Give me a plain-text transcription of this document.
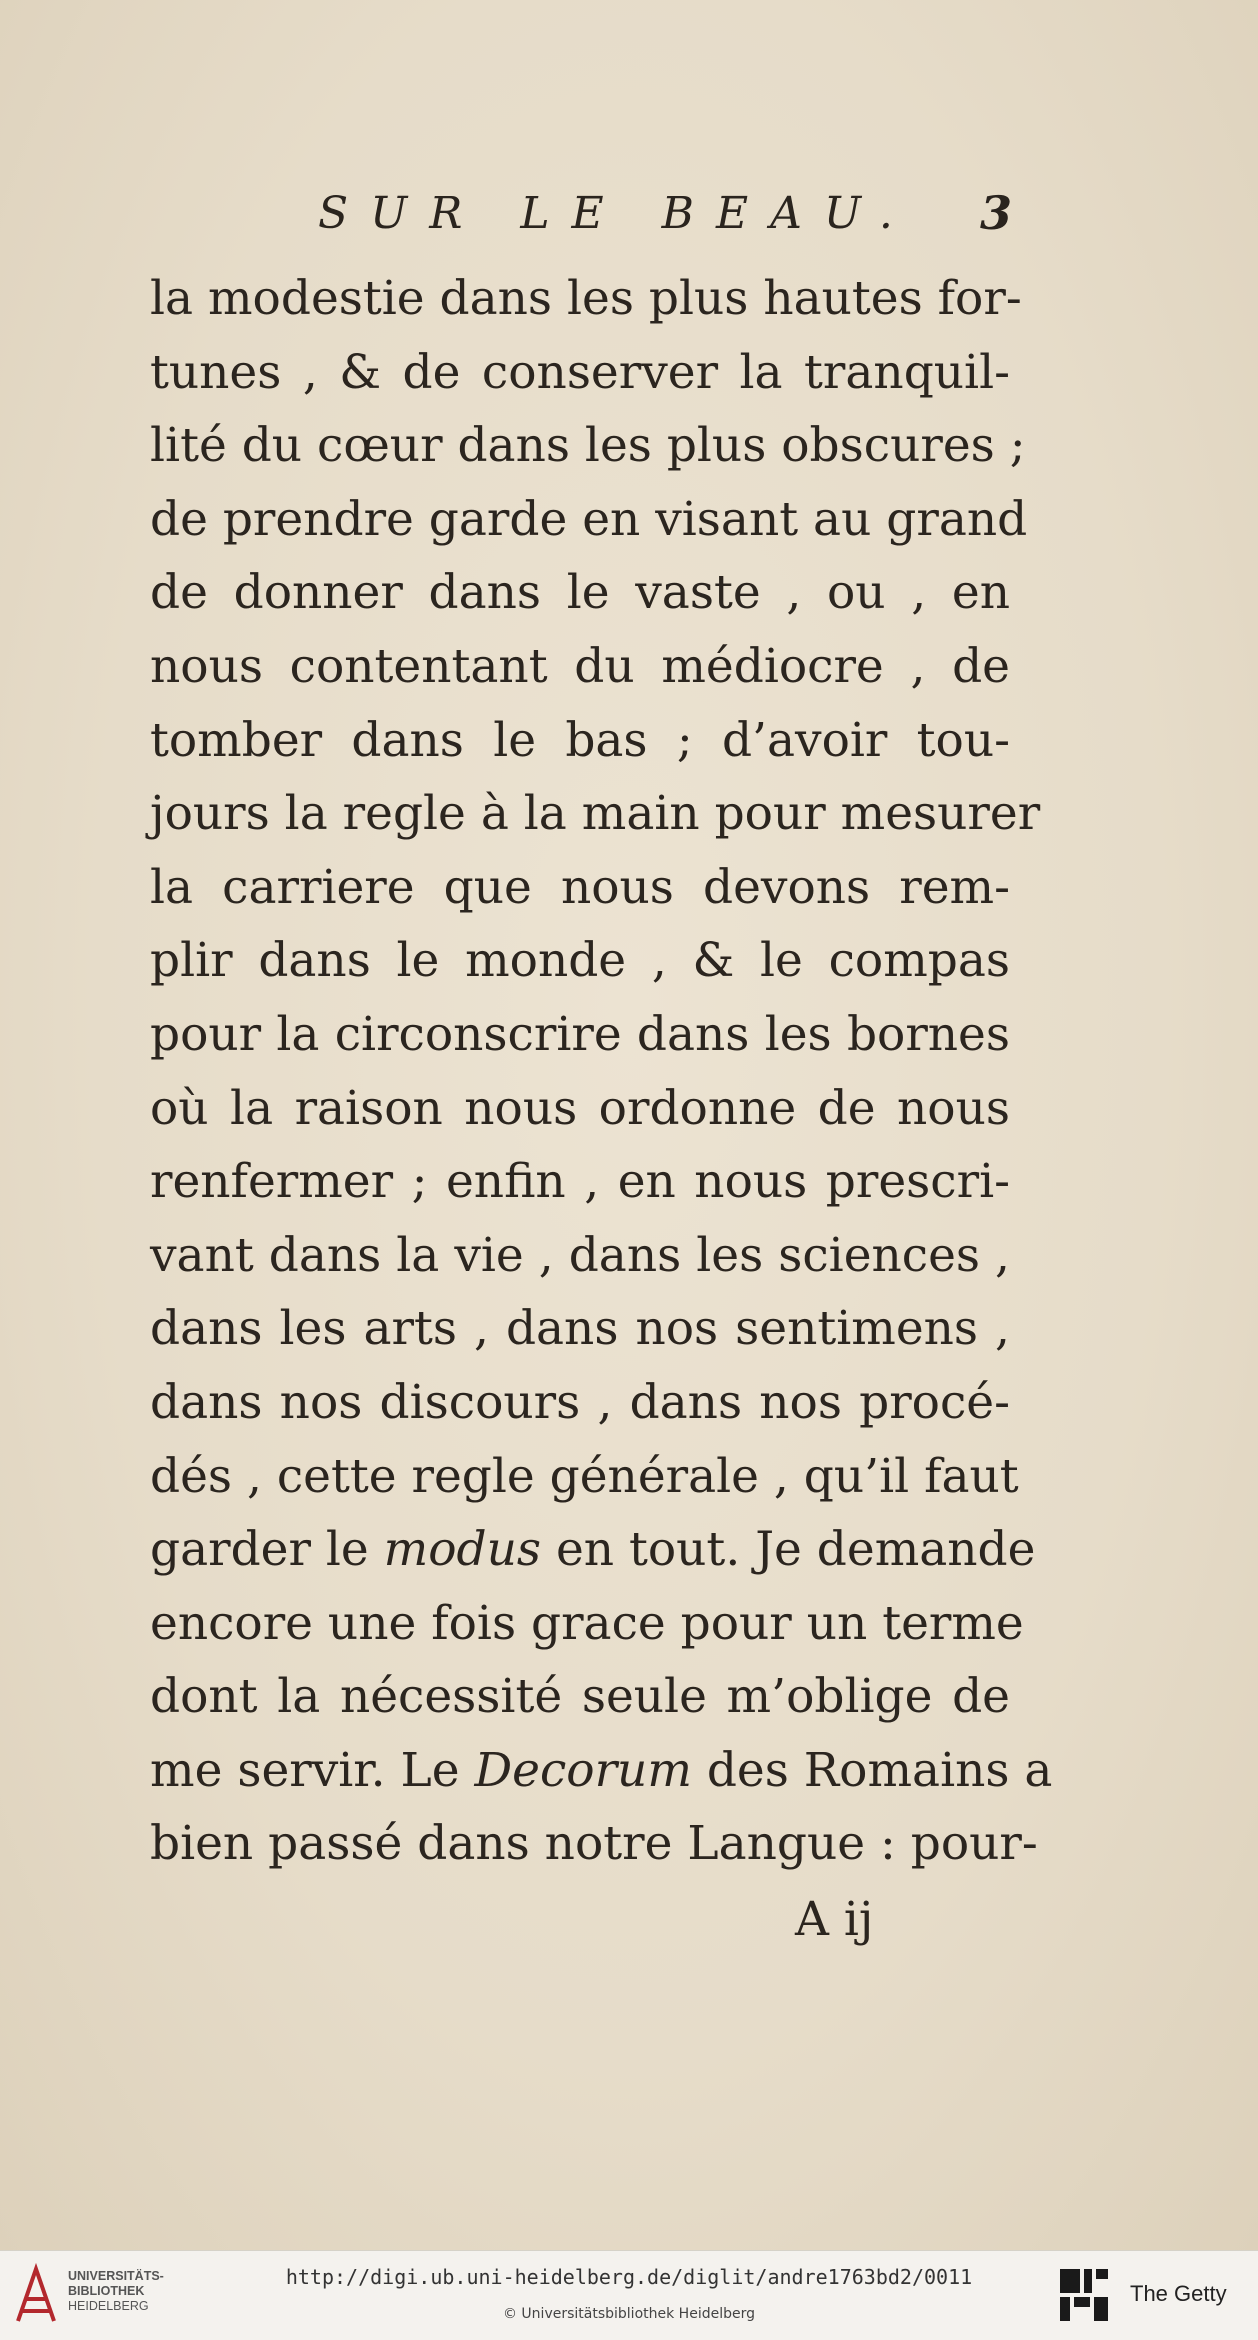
SUR LE BEAU. 3
la modestie dans les plus hautes for-
tunes , & de conserver la tranquil-
lité du cœur dans les plus obscures ;
de prendre garde en visant au grand
de donner dans le vaste , ou , en
nous contentant du médiocre , de
tomber dans le bas ; d’avoir tou-
jours la regle à la main pour mesurer
la carriere que nous devons rem-
plir dans le monde , & le compas
pour la circonscrire dans les bornes
où la raison nous ordonne de nous
renfermer ; enfin , en nous prescri-
vant dans la vie , dans les sciences ,
dans les arts , dans nos sentimens ,
dans nos discours , dans nos procé-
dés , cette regle générale , qu’il faut
garder le modus en tout. Je demande
encore une fois grace pour un terme
dont la nécessité seule m’oblige de
me servir. Le Decorum des Romains a
bien passé dans notre Langue : pour-
A ij
UNIVERSITÄTS-
BIBLIOTHEK
HEIDELBERG
http://digi.ub.uni-heidelberg.de/diglit/andre1763bd2/0011
© Universitätsbibliothek Heidelberg
The Getty
